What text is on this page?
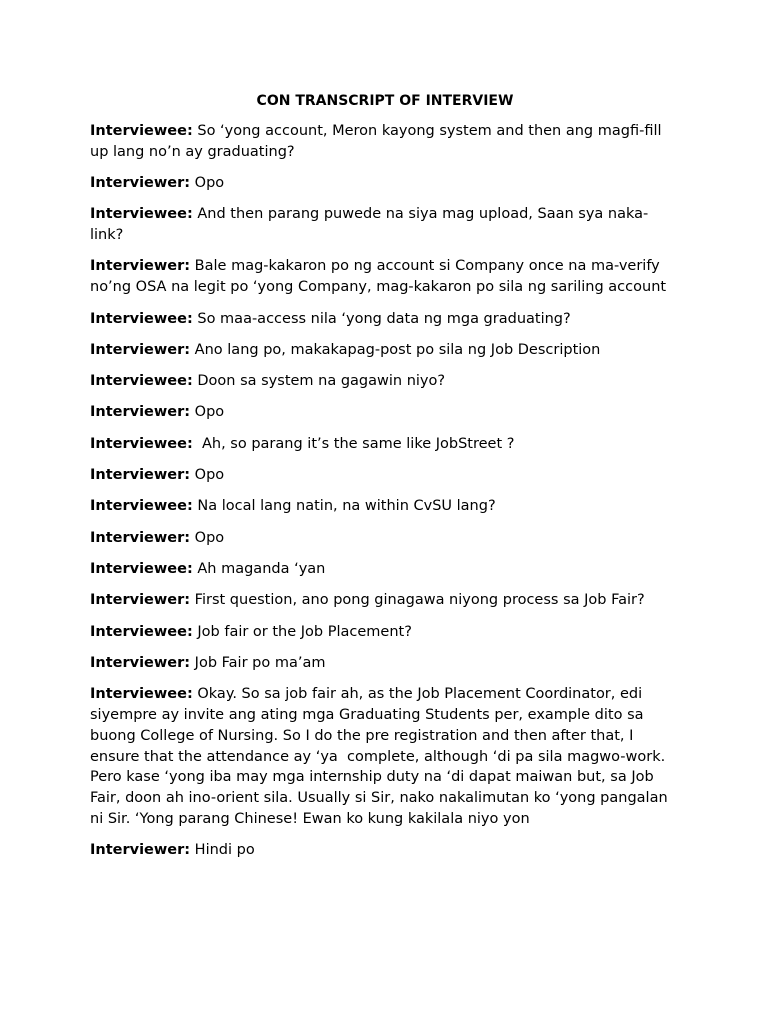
CON TRANSCRIPT OF INTERVIEW

Interviewee: So ‘yong account, Meron kayong system and then ang magfi-fill up lang no’n ay graduating?

Interviewer: Opo

Interviewee: And then parang puwede na siya mag upload, Saan sya naka-link?

Interviewer: Bale mag-kakaron po ng account si Company once na ma-verify no’ng OSA na legit po ‘yong Company, mag-kakaron po sila ng sariling account

Interviewee: So maa-access nila ‘yong data ng mga graduating?

Interviewer: Ano lang po, makakapag-post po sila ng Job Description

Interviewee: Doon sa system na gagawin niyo?

Interviewer: Opo

Interviewee:  Ah, so parang it’s the same like JobStreet ?

Interviewer: Opo

Interviewee: Na local lang natin, na within CvSU lang?

Interviewer: Opo

Interviewee: Ah maganda ‘yan

Interviewer: First question, ano pong ginagawa niyong process sa Job Fair?

Interviewee: Job fair or the Job Placement?

Interviewer: Job Fair po ma’am

Interviewee: Okay. So sa job fair ah, as the Job Placement Coordinator, edi siyempre ay invite ang ating mga Graduating Students per, example dito sa buong College of Nursing. So I do the pre registration and then after that, I ensure that the attendance ay ‘ya  complete, although ‘di pa sila magwo-work. Pero kase ‘yong iba may mga internship duty na ‘di dapat maiwan but, sa Job Fair, doon ah ino-orient sila. Usually si Sir, nako nakalimutan ko ‘yong pangalan ni Sir. ‘Yong parang Chinese! Ewan ko kung kakilala niyo yon

Interviewer: Hindi po
